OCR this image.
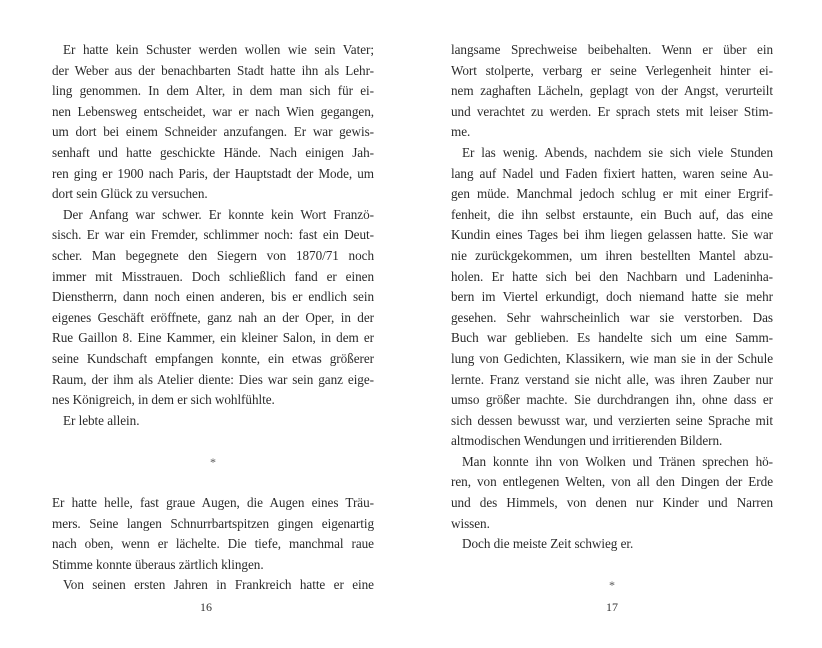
Er hatte kein Schuster werden wollen wie sein Vater;
der Weber aus der benachbarten Stadt hatte ihn als Lehr-
ling genommen. In dem Alter, in dem man sich für ei-
nen Lebensweg entscheidet, war er nach Wien gegangen,
um dort bei einem Schneider anzufangen. Er war gewis-
senhaft und hatte geschickte Hände. Nach einigen Jah-
ren ging er 1900 nach Paris, der Hauptstadt der Mode, um
dort sein Glück zu versuchen.
Der Anfang war schwer. Er konnte kein Wort Franzö-
sisch. Er war ein Fremder, schlimmer noch: fast ein Deut-
scher. Man begegnete den Siegern von 1870/71 noch
immer mit Misstrauen. Doch schließlich fand er einen
Dienstherrn, dann noch einen anderen, bis er endlich sein
eigenes Geschäft eröffnete, ganz nah an der Oper, in der
Rue Gaillon 8. Eine Kammer, ein kleiner Salon, in dem er
seine Kundschaft empfangen konnte, ein etwas größerer
Raum, der ihm als Atelier diente: Dies war sein ganz eige-
nes Königreich, in dem er sich wohlfühlte.
Er lebte allein.
*
Er hatte helle, fast graue Augen, die Augen eines Träu-
mers. Seine langen Schnurrbartspitzen gingen eigenartig
nach oben, wenn er lächelte. Die tiefe, manchmal raue
Stimme konnte überaus zärtlich klingen.
Von seinen ersten Jahren in Frankreich hatte er eine
16
langsame Sprechweise beibehalten. Wenn er über ein
Wort stolperte, verbarg er seine Verlegenheit hinter ei-
nem zaghaften Lächeln, geplagt von der Angst, verurteilt
und verachtet zu werden. Er sprach stets mit leiser Stim-
me.
Er las wenig. Abends, nachdem sie sich viele Stunden
lang auf Nadel und Faden fixiert hatten, waren seine Au-
gen müde. Manchmal jedoch schlug er mit einer Ergrif-
fenheit, die ihn selbst erstaunte, ein Buch auf, das eine
Kundin eines Tages bei ihm liegen gelassen hatte. Sie war
nie zurückgekommen, um ihren bestellten Mantel abzu-
holen. Er hatte sich bei den Nachbarn und Ladeninha-
bern im Viertel erkundigt, doch niemand hatte sie mehr
gesehen. Sehr wahrscheinlich war sie verstorben. Das
Buch war geblieben. Es handelte sich um eine Samm-
lung von Gedichten, Klassikern, wie man sie in der Schule
lernte. Franz verstand sie nicht alle, was ihren Zauber nur
umso größer machte. Sie durchdrangen ihn, ohne dass er
sich dessen bewusst war, und verzierten seine Sprache mit
altmodischen Wendungen und irritierenden Bildern.
Man konnte ihn von Wolken und Tränen sprechen hö-
ren, von entlegenen Welten, von all den Dingen der Erde
und des Himmels, von denen nur Kinder und Narren
wissen.
Doch die meiste Zeit schwieg er.
*
17
